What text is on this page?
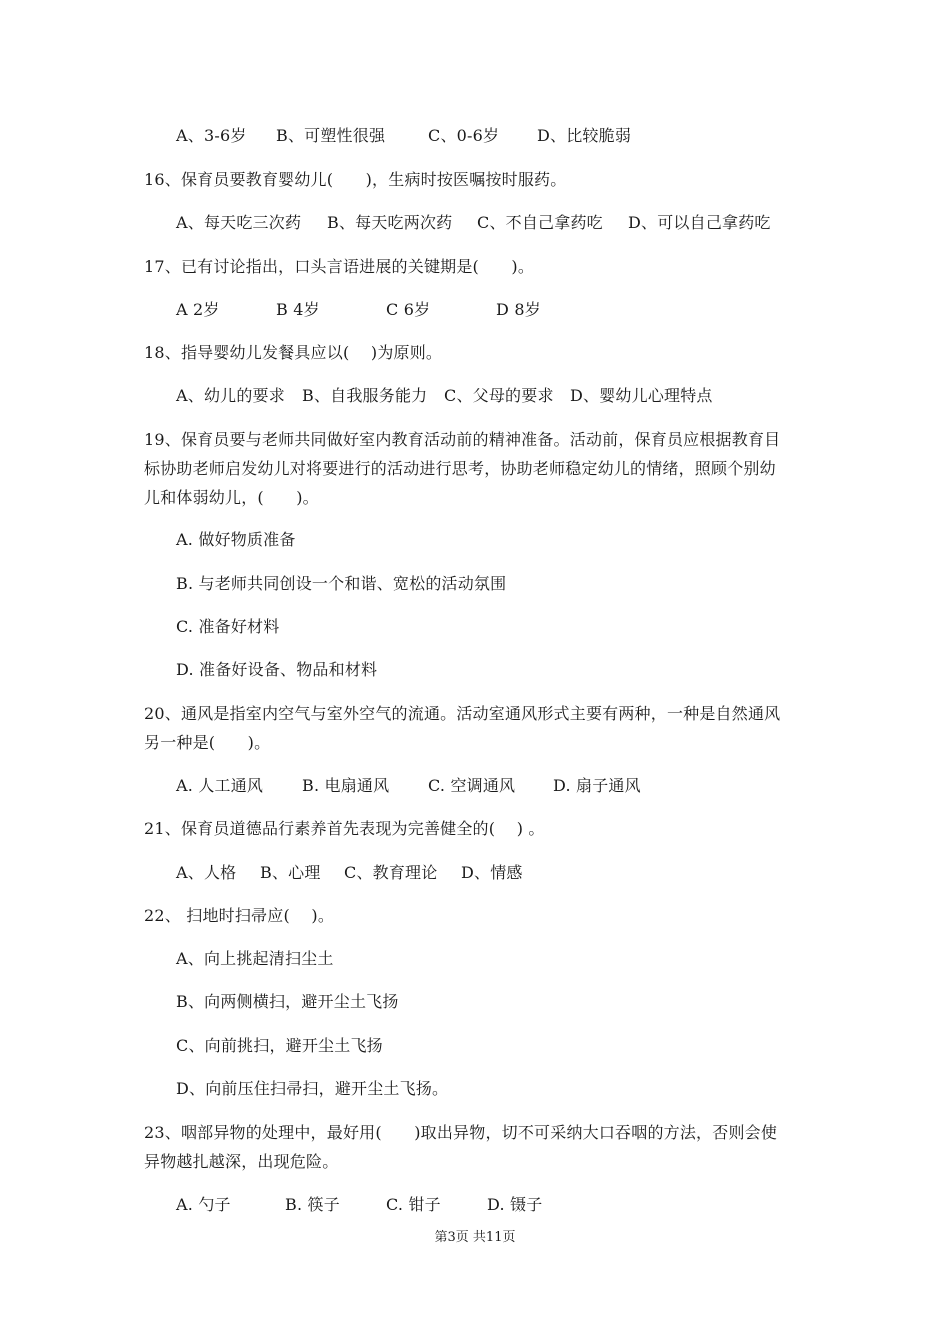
A、3-6岁 B、可塑性很强	C、0-6岁 D、比较脆弱
16、保育员要教育婴幼儿(　　)，生病时按医嘱按时服药。
A、每天吃三次药 B、每天吃两次药 C、不自己拿药吃 D、可以自己拿药吃
17、已有讨论指出，口头言语进展的关键期是(　　)。
A 2岁	B 4岁	C 6岁	D 8岁
18、指导婴幼儿发餐具应以(　 )为原则。
A、幼儿的要求 B、自我服务能力 C、父母的要求 D、婴幼儿心理特点
19、保育员要与老师共同做好室内教育活动前的精神准备。活动前，保育员应根据教育目
标协助老师启发幼儿对将要进行的活动进行思考，协助老师稳定幼儿的情绪，照顾个别幼
儿和体弱幼儿，(　　)。
A. 做好物质准备
B. 与老师共同创设一个和谐、宽松的活动氛围
C. 准备好材料
D. 准备好设备、物品和材料
20、通风是指室内空气与室外空气的流通。活动室通风形式主要有两种，一种是自然通风
另一种是(　　)。
A. 人工通风 B. 电扇通风 C. 空调通风 D. 扇子通风
21、保育员道德品行素养首先表现为完善健全的(　 ) 。
A、人格 B、心理 C、教育理论 D、情感
22、 扫地时扫帚应(　 )。
A、向上挑起清扫尘土
B、向两侧横扫，避开尘土飞扬
C、向前挑扫，避开尘土飞扬
D、向前压住扫帚扫，避开尘土飞扬。
23、咽部异物的处理中，最好用(　　)取出异物，切不可采纳大口吞咽的方法，否则会使
异物越扎越深，出现危险。
A. 勺子	B. 筷子	C. 钳子	D. 镊子
第3页 共11页
